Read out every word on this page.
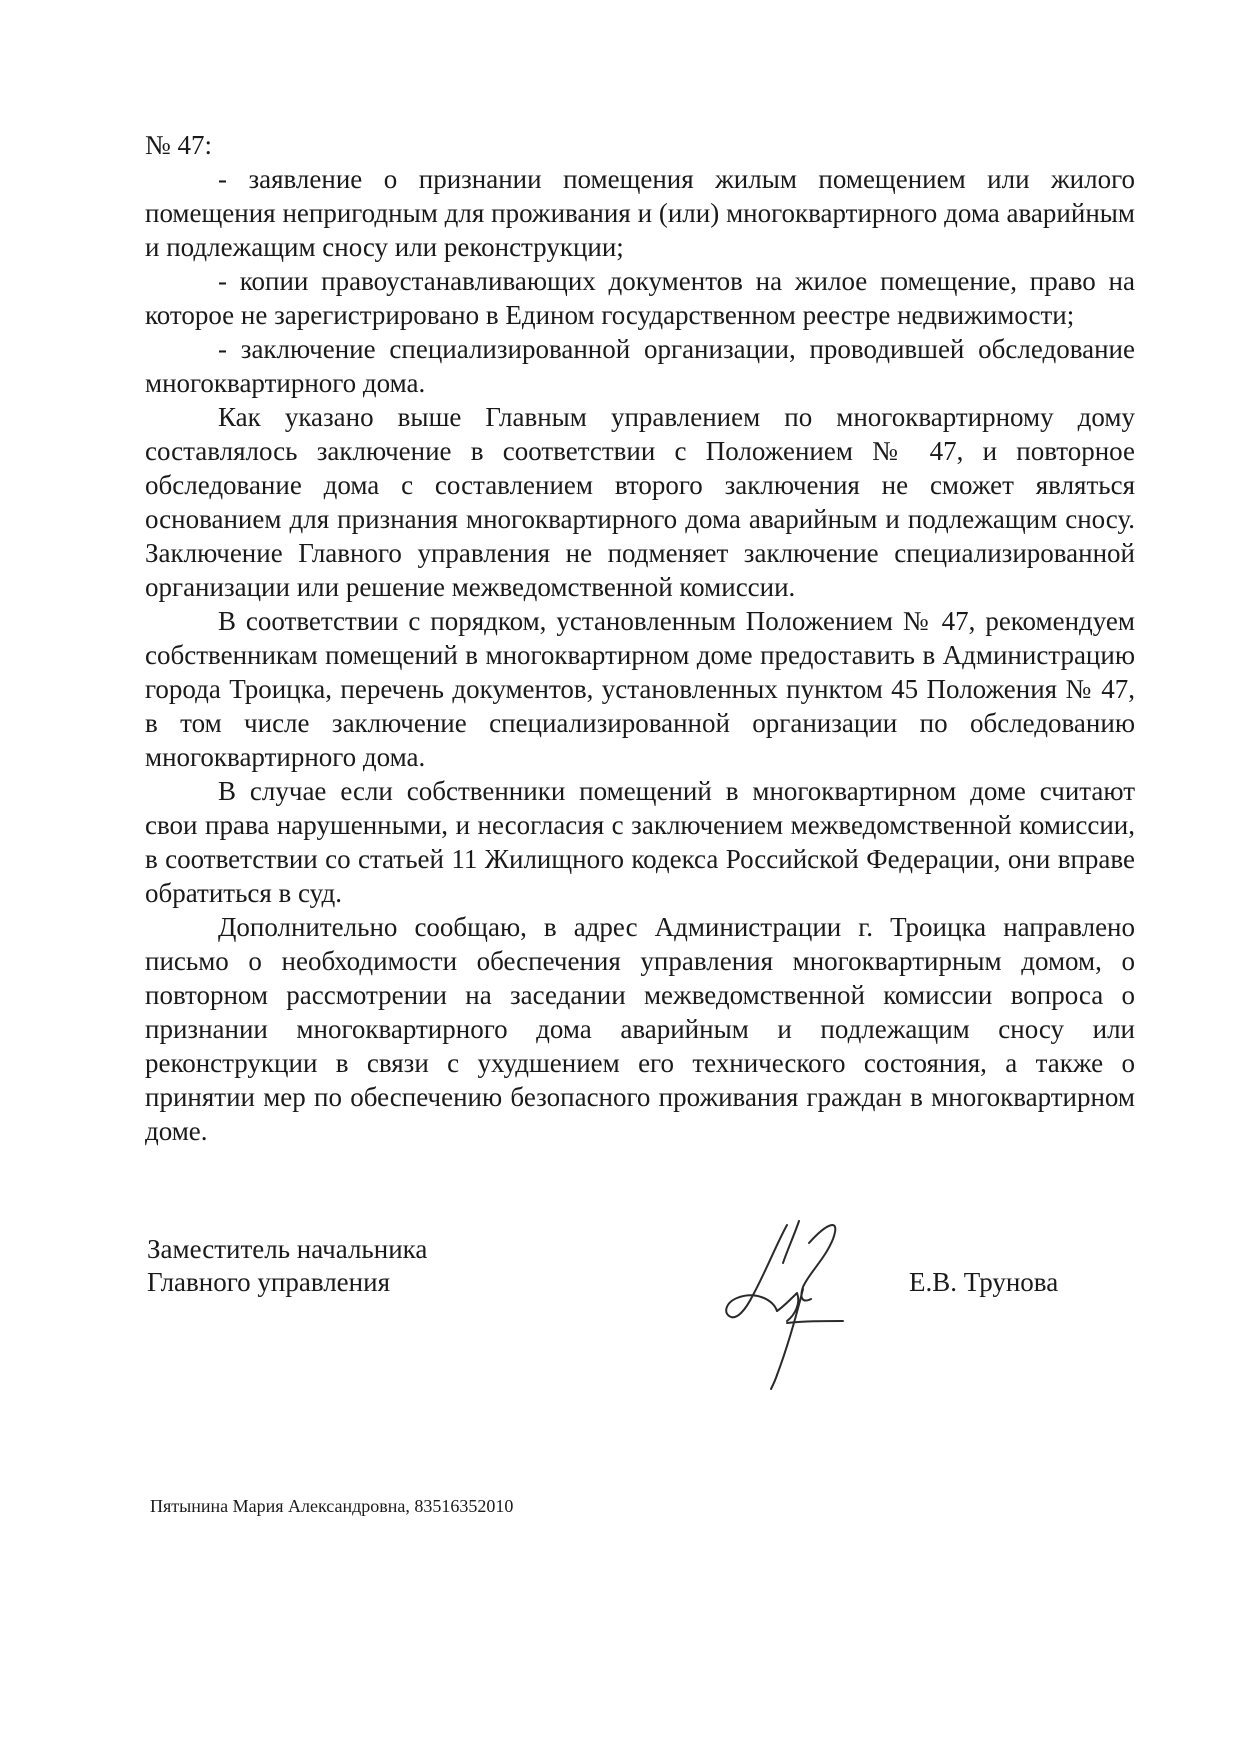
№ 47:

- заявление о признании помещения жилым помещением или жилого помещения непригодным для проживания и (или) многоквартирного дома аварийным и подлежащим сносу или реконструкции;

- копии правоустанавливающих документов на жилое помещение, право на которое не зарегистрировано в Едином государственном реестре недвижимости;

- заключение специализированной организации, проводившей обследование многоквартирного дома.

Как указано выше Главным управлением по многоквартирному дому составлялось заключение в соответствии с Положением № 47, и повторное обследование дома с составлением второго заключения не сможет являться основанием для признания многоквартирного дома аварийным и подлежащим сносу. Заключение Главного управления не подменяет заключение специализированной организации или решение межведомственной комиссии.

В соответствии с порядком, установленным Положением № 47, рекомендуем собственникам помещений в многоквартирном доме предоставить в Администрацию города Троицка, перечень документов, установленных пунктом 45 Положения № 47, в том числе заключение специализированной организации по обследованию многоквартирного дома.

В случае если собственники помещений в многоквартирном доме считают свои права нарушенными, и несогласия с заключением межведомственной комиссии, в соответствии со статьей 11 Жилищного кодекса Российской Федерации, они вправе обратиться в суд.

Дополнительно сообщаю, в адрес Администрации г. Троицка направлено письмо о необходимости обеспечения управления многоквартирным домом, о повторном рассмотрении на заседании межведомственной комиссии вопроса о признании многоквартирного дома аварийным и подлежащим сносу или реконструкции в связи с ухудшением его технического состояния, а также о принятии мер по обеспечению безопасного проживания граждан в многоквартирном доме.

Заместитель начальника
Главного управления	Е.В. Трунова
Пятынина Мария Александровна, 83516352010
